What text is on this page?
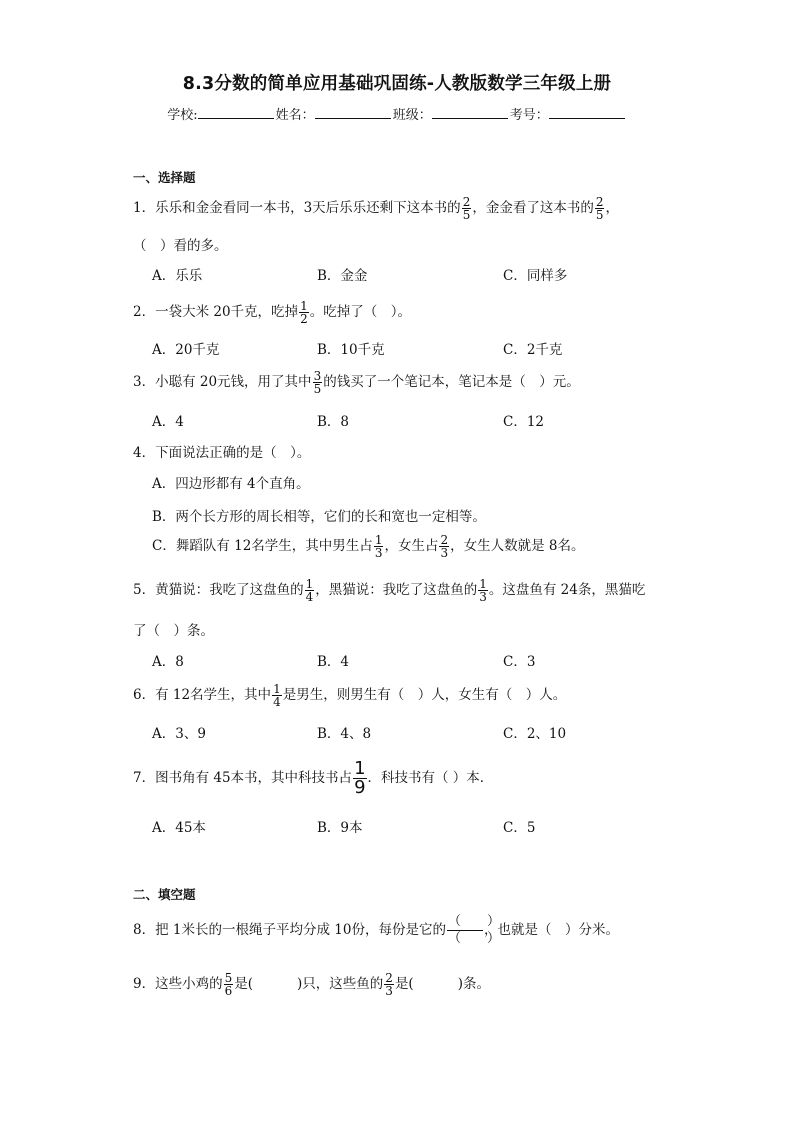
8.3分数的简单应用基础巩固练-人教版数学三年级上册
学校:	姓名：	班级：	考号：
一、选择题
1．乐乐和金金看同一本书，3天后乐乐还剩下这本书的 $\frac{2}{5}$ ，金金看了这本书的 $\frac{2}{5}$ ，
（　）看的多。
A．乐乐	B．金金	C．同样多
2．一袋大米 20千克，吃掉 $\frac{1}{2}$ 。吃掉了（　）。
A．20千克	B．10千克	C．2千克
3．小聪有 20元钱，用了其中 $\frac{3}{5}$ 的钱买了一个笔记本，笔记本是（　）元。
A．4	B．8	C．12
4．下面说法正确的是（　）。
A．四边形都有 4个直角。
B．两个长方形的周长相等，它们的长和宽也一定相等。
C．舞蹈队有 12名学生，其中男生占 $\frac{1}{3}$ ，女生占 $\frac{2}{3}$ ，女生人数就是 8名。
5．黄猫说：我吃了这盘鱼的 $\frac{1}{4}$ ，黑猫说：我吃了这盘鱼的 $\frac{1}{3}$ 。这盘鱼有 24条，黑猫吃
了（　）条。
A．8	B．4	C．3
6．有 12名学生，其中 $\frac{1}{4}$ 是男生，则男生有（　）人，女生有（　）人。
A．3、9	B．4、8	C．2、10
7．图书角有 45本书，其中科技书占 $\frac{1}{9}$ ．科技书有（ ）本．
A．45本	B．9本	C．5
二、填空题
8．把 1米长的一根绳子平均分成 10份，每份是它的 $\frac{( )}{( )}$ ，也就是（　）分米。
9．这些小鸡的 $\frac{5}{6}$ 是(	)只，这些鱼的 $\frac{2}{3}$ 是(	)条。
